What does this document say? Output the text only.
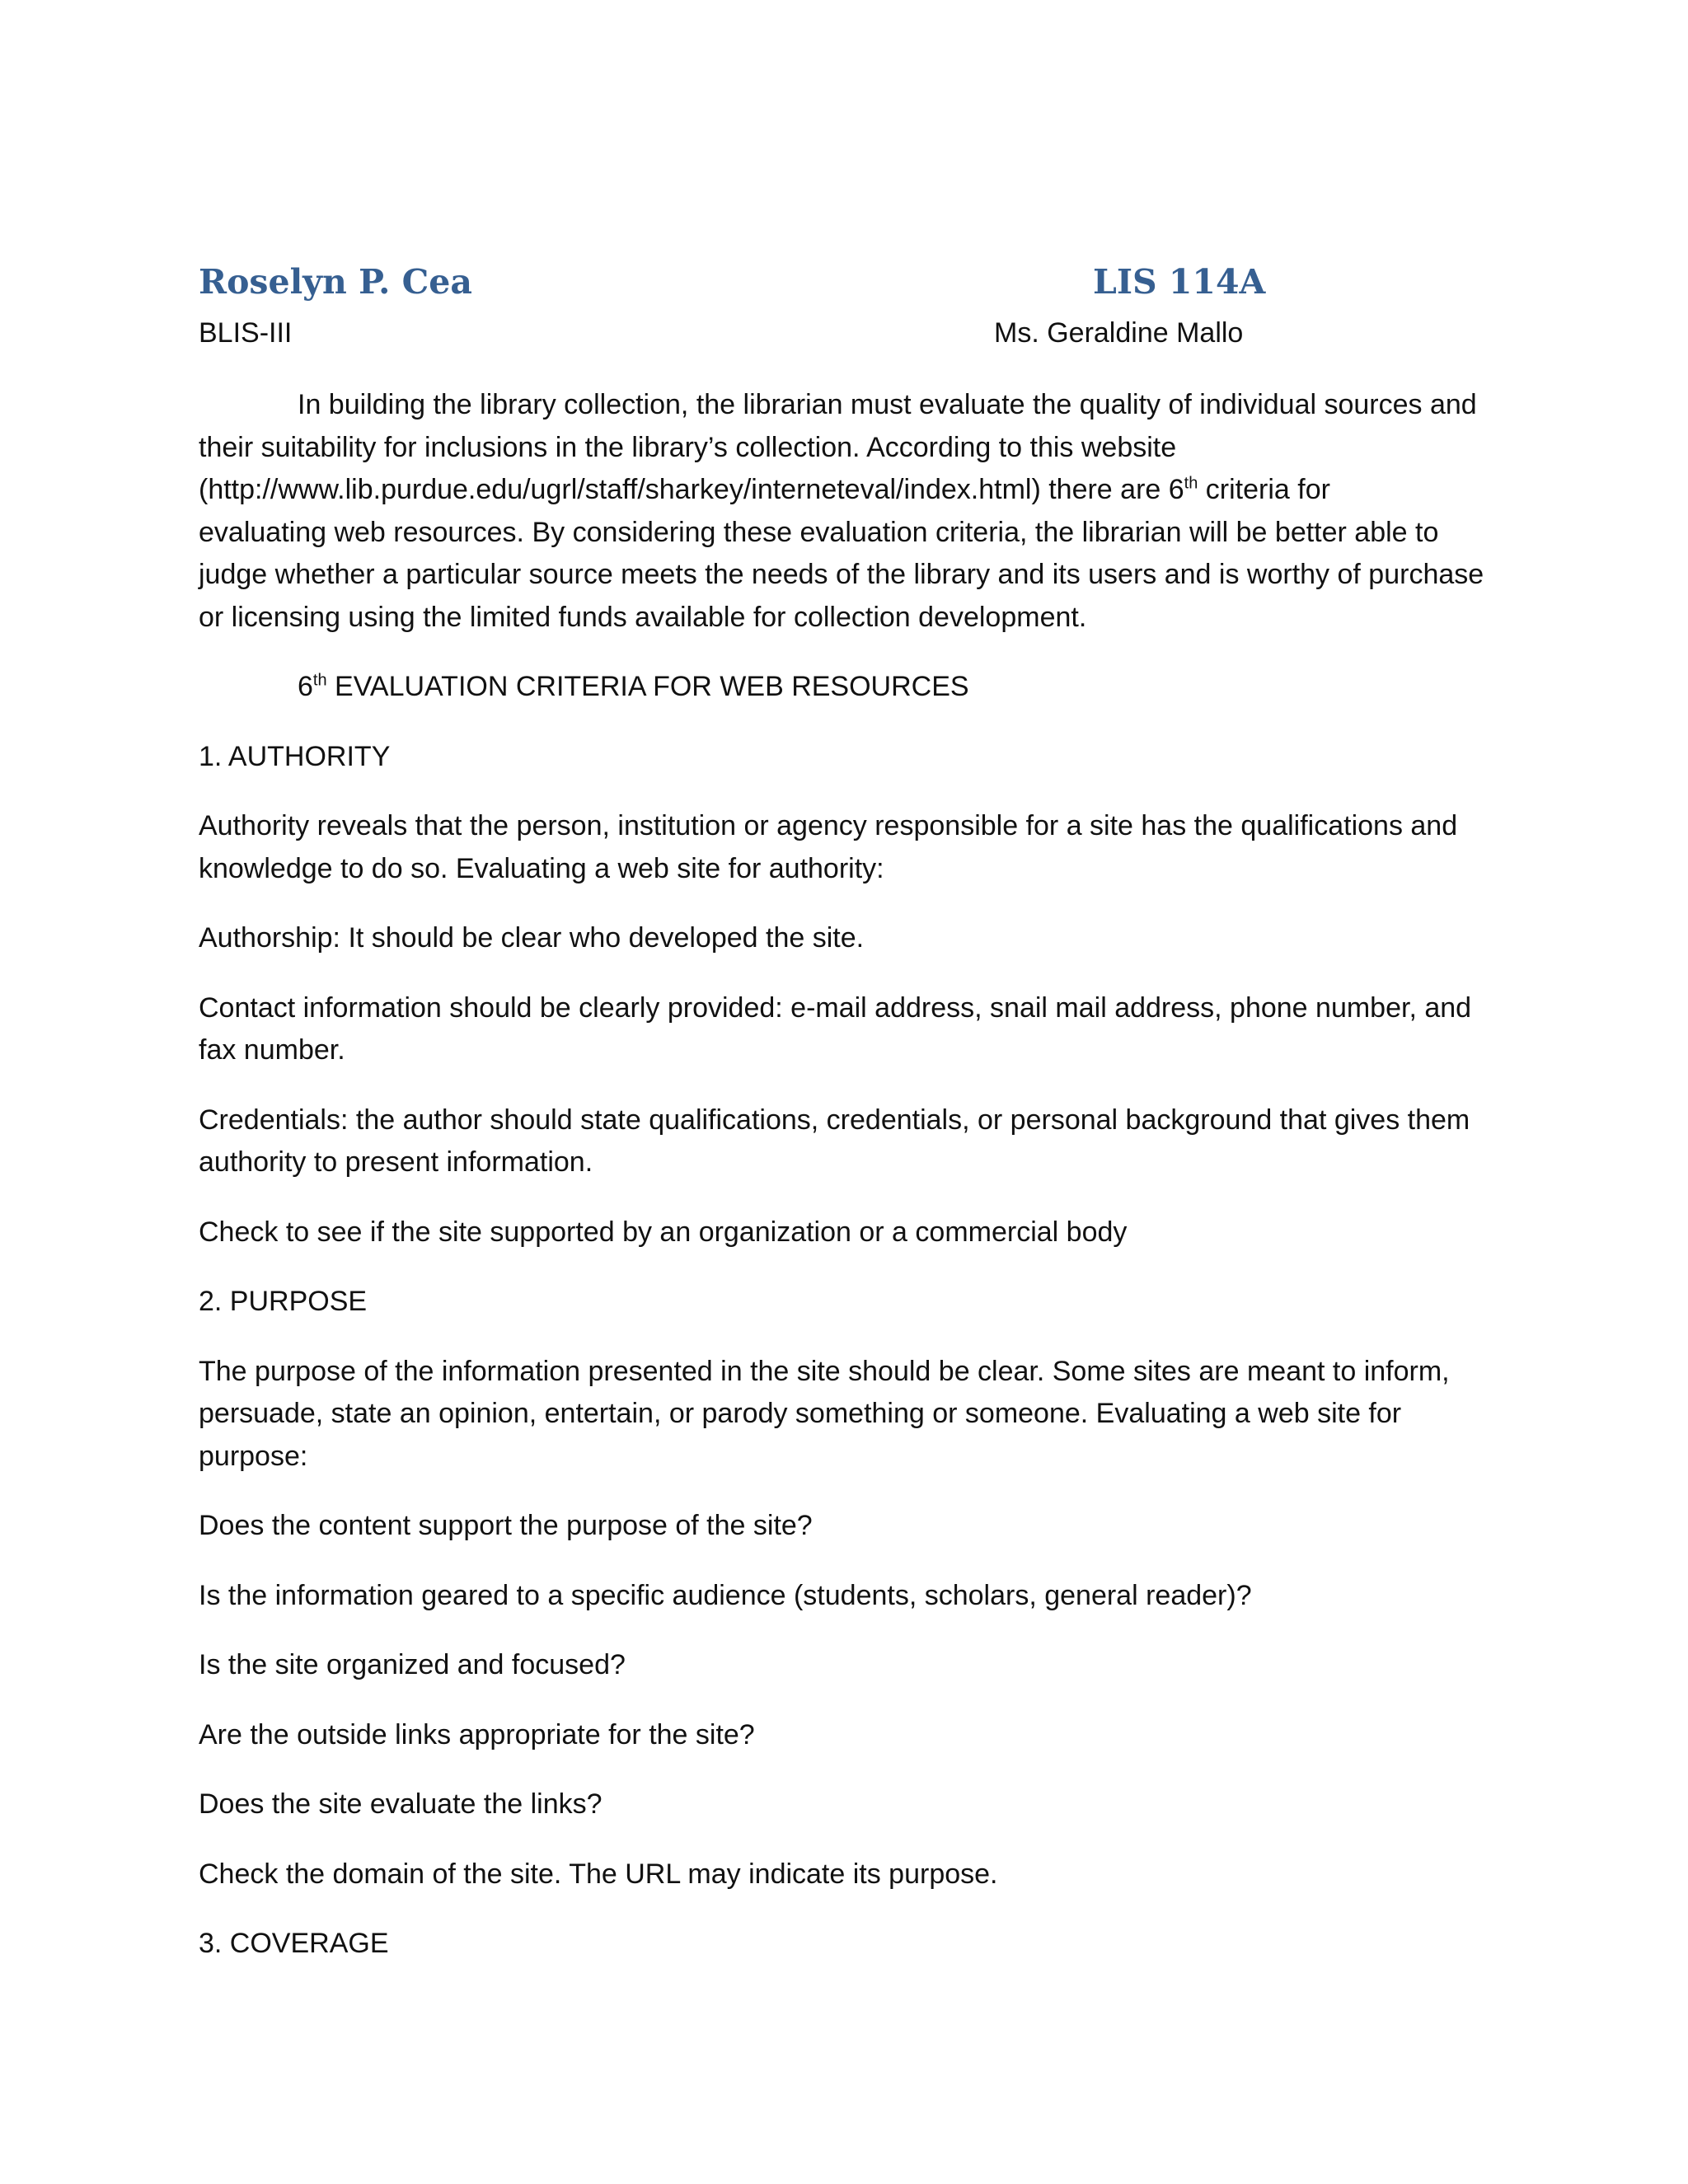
Roselyn P. Cea	LIS 114A
BLIS-III	Ms. Geraldine Mallo

In building the library collection, the librarian must evaluate the quality of individual sources and
their suitability for inclusions in the library’s collection. According to this website
(http://www.lib.purdue.edu/ugrl/staff/sharkey/interneteval/index.html) there are 6th criteria for
evaluating web resources. By considering these evaluation criteria, the librarian will be better able to
judge whether a particular source meets the needs of the library and its users and is worthy of purchase
or licensing using the limited funds available for collection development.

6th EVALUATION CRITERIA FOR WEB RESOURCES

1. AUTHORITY

Authority reveals that the person, institution or agency responsible for a site has the qualifications and
knowledge to do so. Evaluating a web site for authority:

Authorship: It should be clear who developed the site.

Contact information should be clearly provided: e-mail address, snail mail address, phone number, and
fax number.

Credentials: the author should state qualifications, credentials, or personal background that gives them
authority to present information.

Check to see if the site supported by an organization or a commercial body

2. PURPOSE

The purpose of the information presented in the site should be clear. Some sites are meant to inform,
persuade, state an opinion, entertain, or parody something or someone. Evaluating a web site for
purpose:

Does the content support the purpose of the site?

Is the information geared to a specific audience (students, scholars, general reader)?

Is the site organized and focused?

Are the outside links appropriate for the site?

Does the site evaluate the links?

Check the domain of the site. The URL may indicate its purpose.

3. COVERAGE
